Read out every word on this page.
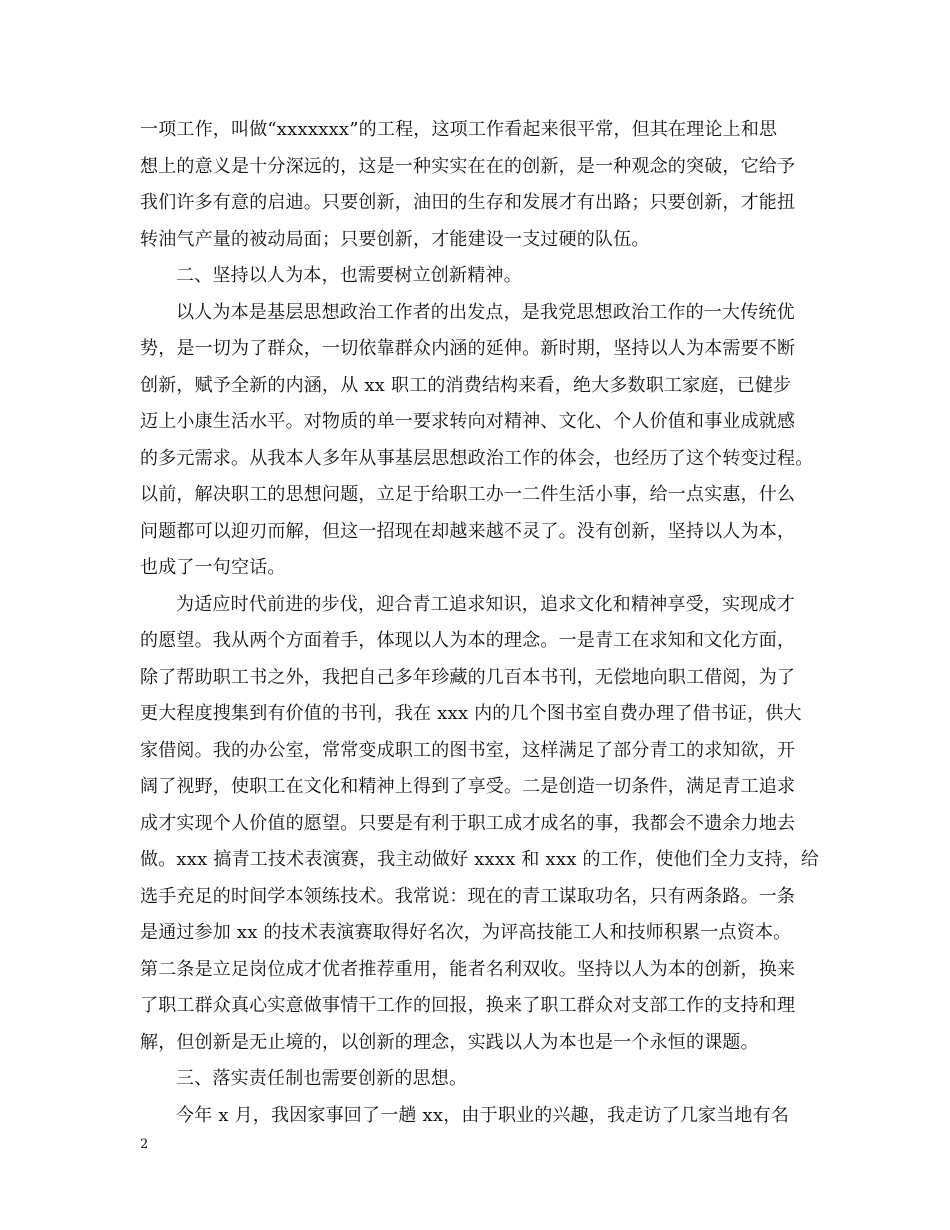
一项工作，叫做“xxxxxxx”的工程，这项工作看起来很平常，但其在理论上和思
想上的意义是十分深远的，这是一种实实在在的创新，是一种观念的突破，它给予
我们许多有意的启迪。只要创新，油田的生存和发展才有出路；只要创新，才能扭
转油气产量的被动局面；只要创新，才能建设一支过硬的队伍。
二、坚持以人为本，也需要树立创新精神。
以人为本是基层思想政治工作者的出发点，是我党思想政治工作的一大传统优
势，是一切为了群众，一切依靠群众内涵的延伸。新时期，坚持以人为本需要不断
创新，赋予全新的内涵，从 xx 职工的消费结构来看，绝大多数职工家庭，已健步
迈上小康生活水平。对物质的单一要求转向对精神、文化、个人价值和事业成就感
的多元需求。从我本人多年从事基层思想政治工作的体会，也经历了这个转变过程。
以前，解决职工的思想问题，立足于给职工办一二件生活小事，给一点实惠，什么
问题都可以迎刃而解，但这一招现在却越来越不灵了。没有创新，坚持以人为本，
也成了一句空话。
为适应时代前进的步伐，迎合青工追求知识，追求文化和精神享受，实现成才
的愿望。我从两个方面着手，体现以人为本的理念。一是青工在求知和文化方面，
除了帮助职工书之外，我把自己多年珍藏的几百本书刊，无偿地向职工借阅，为了
更大程度搜集到有价值的书刊，我在 xxx 内的几个图书室自费办理了借书证，供大
家借阅。我的办公室，常常变成职工的图书室，这样满足了部分青工的求知欲，开
阔了视野，使职工在文化和精神上得到了享受。二是创造一切条件，满足青工追求
成才实现个人价值的愿望。只要是有利于职工成才成名的事，我都会不遗余力地去
做。xxx 搞青工技术表演赛，我主动做好 xxxx 和 xxx 的工作，使他们全力支持，给
选手充足的时间学本领练技术。我常说：现在的青工谋取功名，只有两条路。一条
是通过参加 xx 的技术表演赛取得好名次，为评高技能工人和技师积累一点资本。
第二条是立足岗位成才优者推荐重用，能者名利双收。坚持以人为本的创新，换来
了职工群众真心实意做事情干工作的回报，换来了职工群众对支部工作的支持和理
解，但创新是无止境的，以创新的理念，实践以人为本也是一个永恒的课题。
三、落实责任制也需要创新的思想。
今年 x 月，我因家事回了一趟 xx，由于职业的兴趣，我走访了几家当地有名
2
